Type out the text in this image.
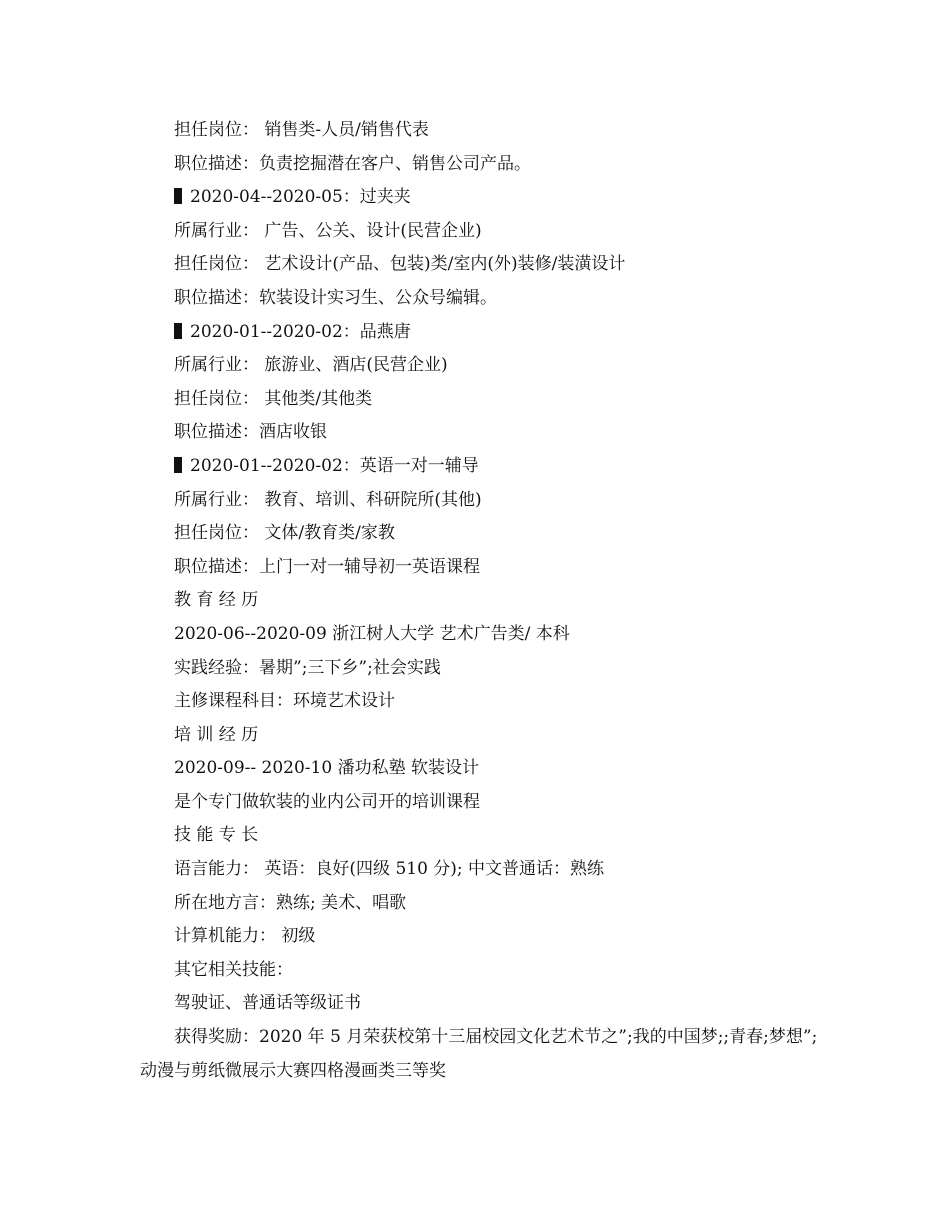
担任岗位： 销售类-人员/销售代表
职位描述：负责挖掘潜在客户、销售公司产品。
2020-04--2020-05：过夹夹
所属行业： 广告、公关、设计(民营企业)
担任岗位： 艺术设计(产品、包装)类/室内(外)装修/装潢设计
职位描述：软装设计实习生、公众号编辑。
2020-01--2020-02：品燕唐
所属行业： 旅游业、酒店(民营企业)
担任岗位： 其他类/其他类
职位描述：酒店收银
2020-01--2020-02：英语一对一辅导
所属行业： 教育、培训、科研院所(其他)
担任岗位： 文体/教育类/家教
职位描述：上门一对一辅导初一英语课程
教 育 经 历
2020-06--2020-09 浙江树人大学 艺术广告类/ 本科
实践经验：暑期”;三下乡”;社会实践
主修课程科目：环境艺术设计
培 训 经 历
2020-09-- 2020-10 潘功私塾 软装设计
是个专门做软装的业内公司开的培训课程
技 能 专 长
语言能力： 英语：良好(四级 510 分); 中文普通话：熟练
所在地方言：熟练; 美术、唱歌
计算机能力： 初级
其它相关技能：
驾驶证、普通话等级证书
获得奖励：2020 年 5 月荣获校第十三届校园文化艺术节之”;我的中国梦;;青春;梦想”;动漫与剪纸微展示大赛四格漫画类三等奖
